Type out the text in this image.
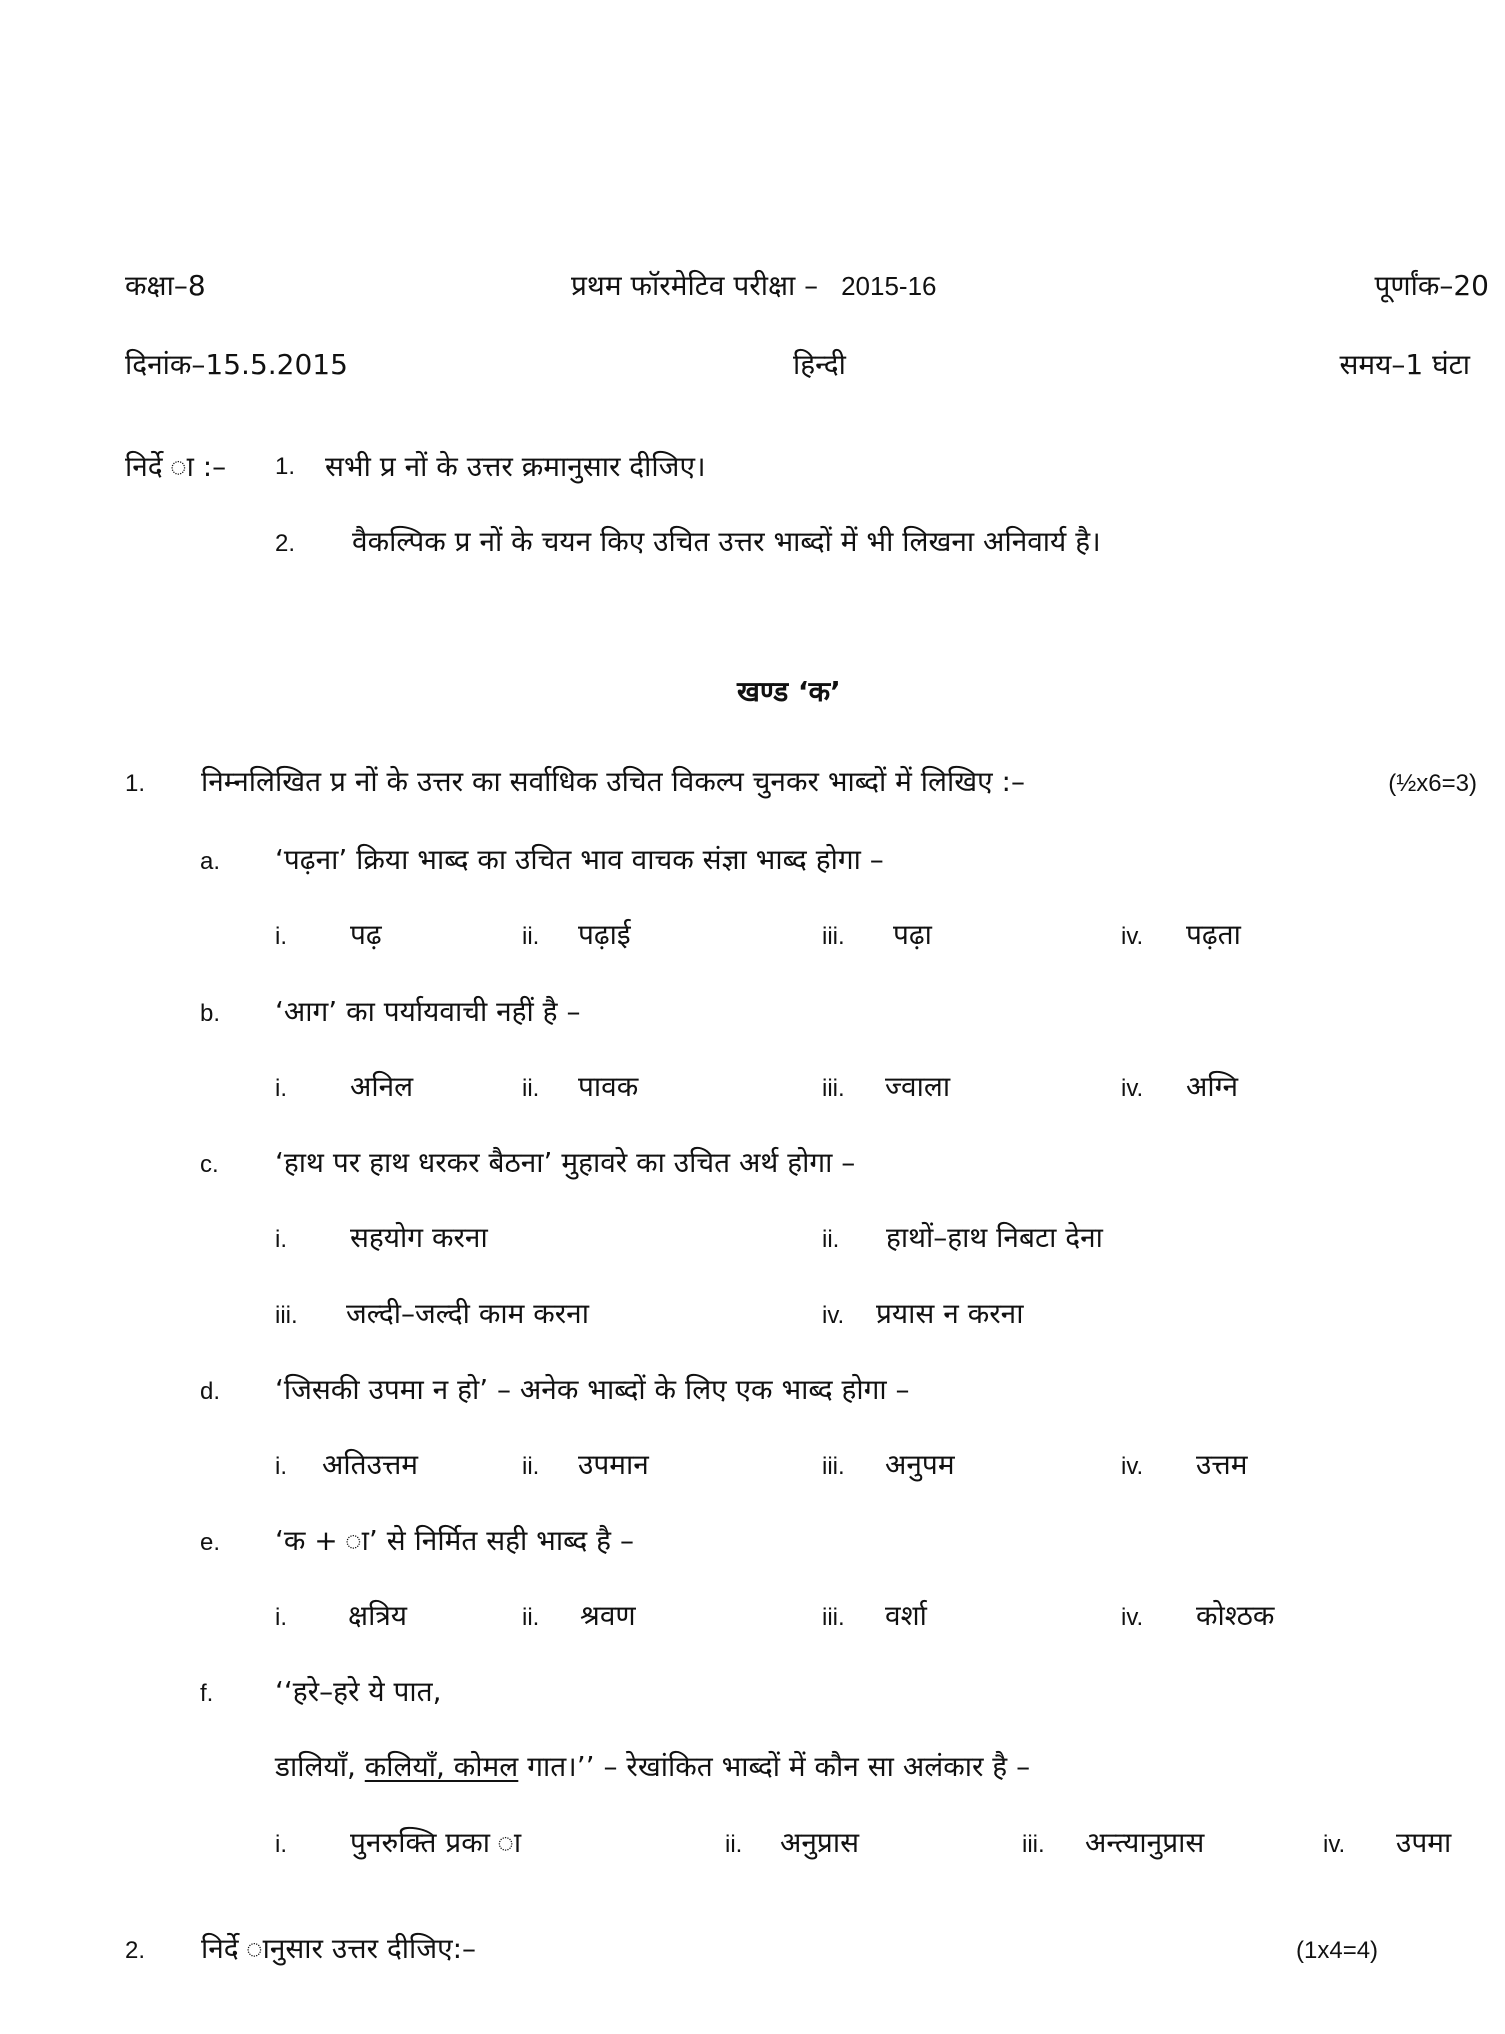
कक्षा–8	प्रथम फॉरमेटिव परीक्षा – 2015-16	पूर्णांक–20
दिनांक–15.5.2015	हिन्दी	समय–1 घंटा
निर्दे ा :– 1. सभी प्र नों के उत्तर क्रमानुसार दीजिए।
2. वैकल्पिक प्र नों के चयन किए उचित उत्तर भाब्दों में भी लिखना अनिवार्य है।
खण्ड ‘क’
1. निम्नलिखित प्र नों के उत्तर का सर्वाधिक उचित विकल्प चुनकर भाब्दों में लिखिए :–	(½x6=3)
a. ‘पढ़ना’ क्रिया भाब्द का उचित भाव वाचक संज्ञा भाब्द होगा –
i. पढ़	ii. पढ़ाई	iii. पढ़ा	iv. पढ़ता
b. ‘आग’ का पर्यायवाची नहीं है –
i. अनिल	ii. पावक	iii. ज्वाला	iv. अग्नि
c. ‘हाथ पर हाथ धरकर बैठना’ मुहावरे का उचित अर्थ होगा –
i. सहयोग करना	ii. हाथों–हाथ निबटा देना
iii. जल्दी–जल्दी काम करना	iv. प्रयास न करना
d. ‘जिसकी उपमा न हो’ – अनेक भाब्दों के लिए एक भाब्द होगा –
i. अतिउत्तम	ii. उपमान	iii. अनुपम	iv. उत्तम
e. ‘क + ा’ से निर्मित सही भाब्द है –
i. क्षत्रिय	ii. श्रवण	iii. वर्शा	iv. कोश्ठक
f. ‘‘हरे–हरे ये पात,
डालियाँ, कलियाँ, कोमल गात।’’ – रेखांकित भाब्दों में कौन सा अलंकार है –
i. पुनरुक्ति प्रका ा	ii. अनुप्रास	iii. अन्त्यानुप्रास	iv. उपमा
2. निर्दे ानुसार उत्तर दीजिए:–	(1x4=4)
